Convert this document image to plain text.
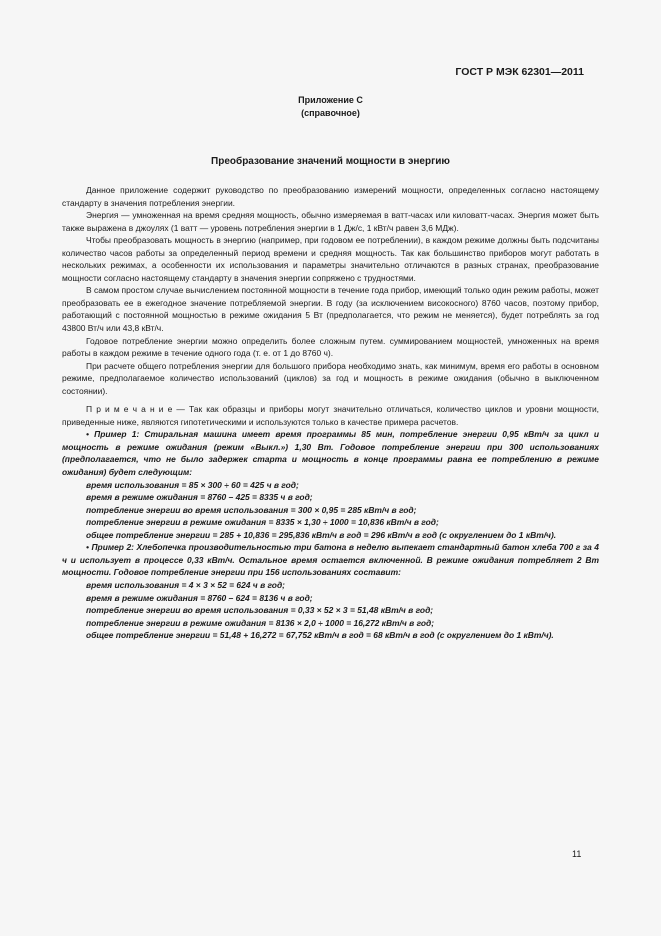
ГОСТ Р МЭК 62301—2011
Приложение С
(справочное)
Преобразование значений мощности в энергию

Данное приложение содержит руководство по преобразованию измерений мощности, определенных согласно настоящему стандарту в значения потребления энергии.

Энергия — умноженная на время средняя мощность, обычно измеряемая в ватт-часах или киловатт-часах. Энергия может быть также выражена в джоулях (1 ватт — уровень потребления энергии в 1 Дж/с, 1 кВт/ч равен 3,6 МДж).

Чтобы преобразовать мощность в энергию (например, при годовом ее потреблении), в каждом режиме должны быть подсчитаны количество часов работы за определенный период времени и средняя мощность. Так как большинство приборов могут работать в нескольких режимах, а особенности их использования и параметры значительно отличаются в разных странах, преобразование мощности согласно настоящему стандарту в значения энергии сопряжено с трудностями.

В самом простом случае вычислением постоянной мощности в течение года прибор, имеющий только один режим работы, может преобразовать ее в ежегодное значение потребляемой энергии. В году (за исключением високосного) 8760 часов, поэтому прибор, работающий с постоянной мощностью в режиме ожидания 5 Вт (предполагается, что режим не меняется), будет потреблять за год 43800 Вт/ч или 43,8 кВт/ч.

Годовое потребление энергии можно определить более сложным путем. суммированием мощностей, умноженных на время работы в каждом режиме в течение одного года (т. е. от 1 до 8760 ч).

При расчете общего потребления энергии для большого прибора необходимо знать, как минимум, время его работы в основном режиме, предполагаемое количество использований (циклов) за год и мощность в режиме ожидания (обычно в выключенном состоянии).

П р и м е ч а н и е — Так как образцы и приборы могут значительно отличаться, количество циклов и уровни мощности, приведенные ниже, являются гипотетическими и используются только в качестве примера расчетов.

• Пример 1: Стиральная машина имеет время программы 85 мин, потребление энергии 0,95 кВт/ч за цикл и мощность в режиме ожидания (режим «Выкл.») 1,30 Вт. Годовое потребление энергии при 300 использованиях (предполагается, что не было задержек старта и мощность в конце программы равна ее потреблению в режиме ожидания) будет следующим:

время использования = 85 × 300 ÷ 60 = 425 ч в год;

время в режиме ожидания = 8760 – 425 = 8335 ч в год;

потребление энергии во время использования = 300 × 0,95 = 285 кВт/ч в год;

потребление энергии в режиме ожидания = 8335 × 1,30 ÷ 1000 = 10,836 кВт/ч в год;

общее потребление энергии = 285 + 10,836 = 295,836 кВт/ч в год = 296 кВт/ч в год (с округлением до 1 кВт/ч).

• Пример 2: Хлебопечка производительностью три батона в неделю выпекает стандартный батон хлеба 700 г за 4 ч и использует в процессе 0,33 кВт/ч. Остальное время остается включенной. В режиме ожидания потребляет 2 Вт мощности. Годовое потребление энергии при 156 использованиях составит:

время использования = 4 × 3 × 52 = 624 ч в год;

время в режиме ожидания = 8760 – 624 = 8136 ч в год;

потребление энергии во время использования = 0,33 × 52 × 3 = 51,48 кВт/ч в год;

потребление энергии в режиме ожидания = 8136 × 2,0 ÷ 1000 = 16,272 кВт/ч в год;

общее потребление энергии = 51,48 + 16,272 = 67,752 кВт/ч в год = 68 кВт/ч в год (с округлением до 1 кВт/ч).

11
